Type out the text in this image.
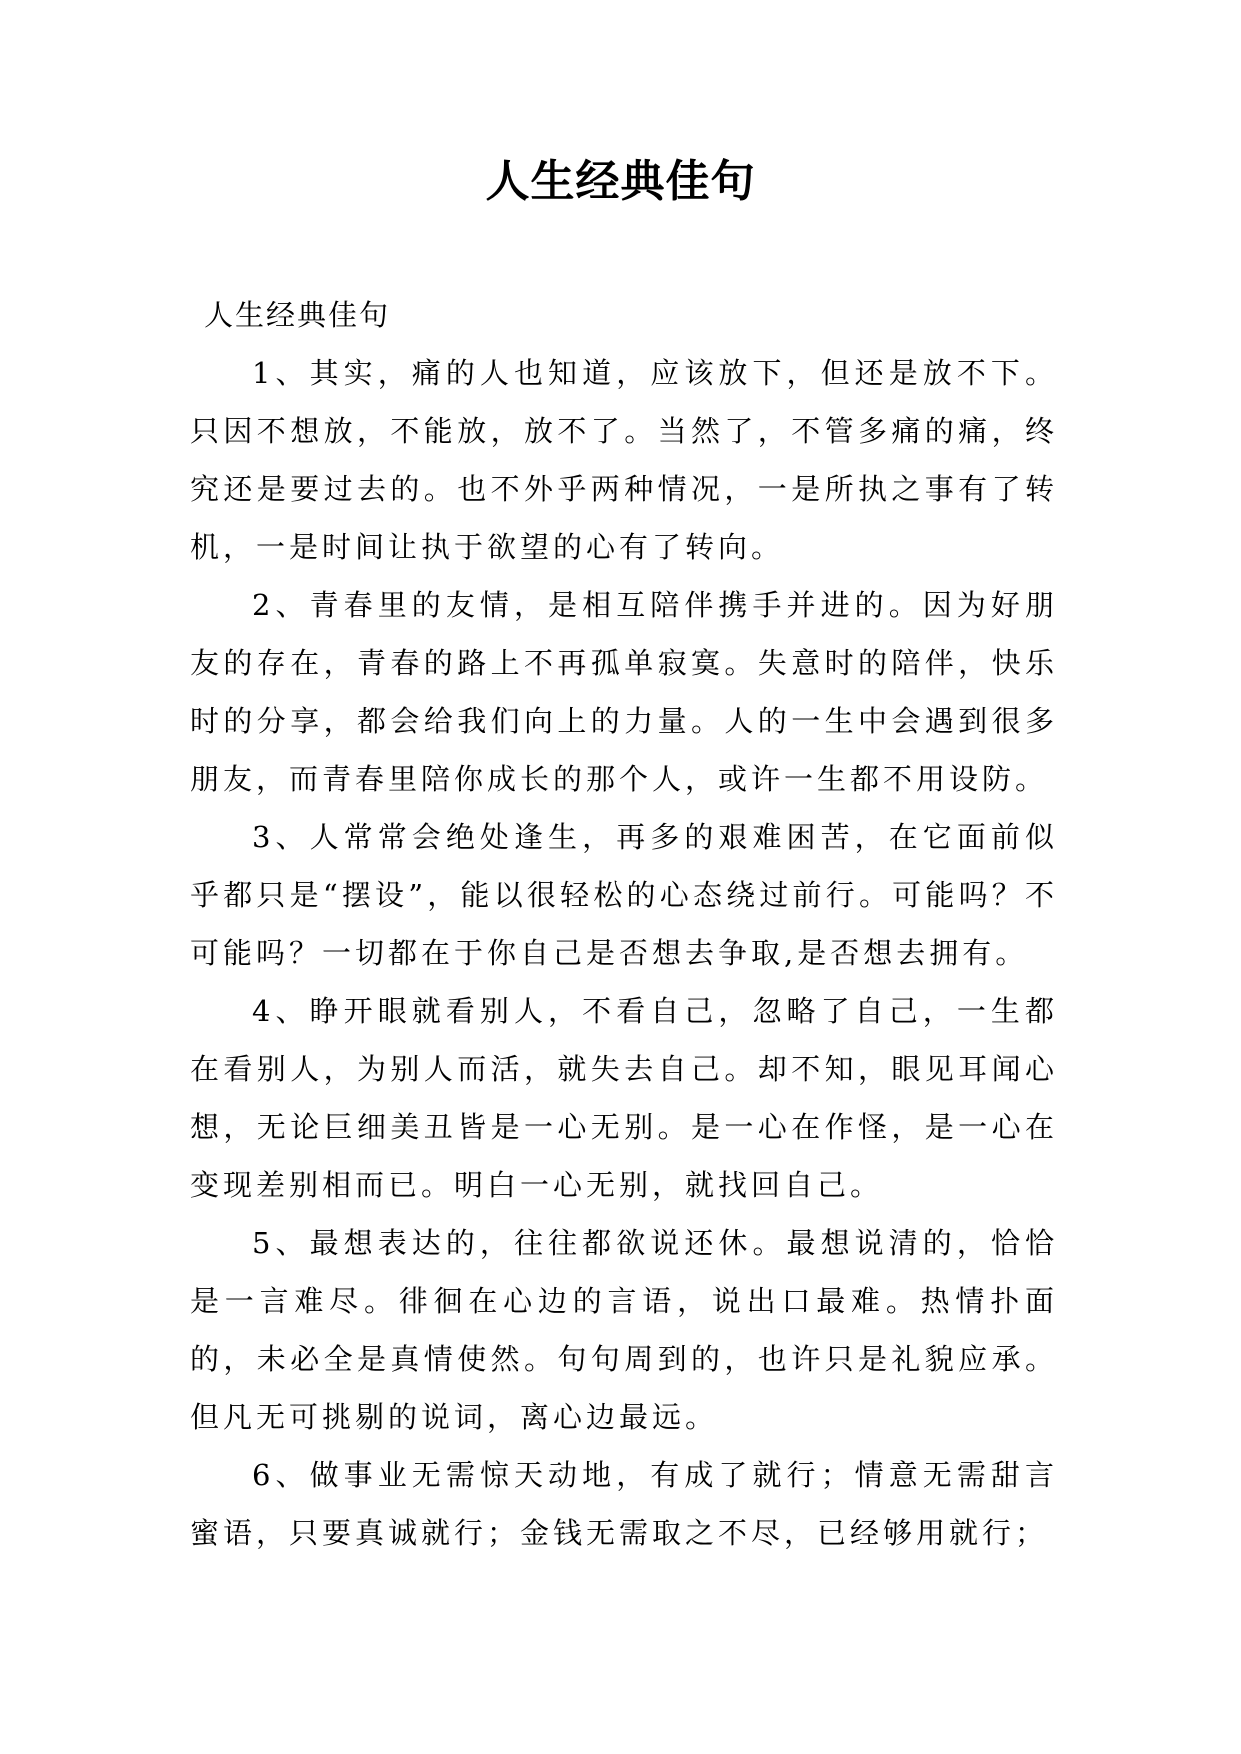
人生经典佳句

人生经典佳句

1、其实，痛的人也知道，应该放下，但还是放不下。只因不想放，不能放，放不了。当然了，不管多痛的痛，终究还是要过去的。也不外乎两种情况，一是所执之事有了转机，一是时间让执于欲望的心有了转向。

2、青春里的友情，是相互陪伴携手并进的。因为好朋友的存在，青春的路上不再孤单寂寞。失意时的陪伴，快乐时的分享，都会给我们向上的力量。人的一生中会遇到很多朋友，而青春里陪你成长的那个人，或许一生都不用设防。

3、人常常会绝处逢生，再多的艰难困苦，在它面前似乎都只是“摆设”，能以很轻松的心态绕过前行。可能吗？不可能吗？一切都在于你自己是否想去争取,是否想去拥有。

4、睁开眼就看别人，不看自己，忽略了自己，一生都在看别人，为别人而活，就失去自己。却不知，眼见耳闻心想，无论巨细美丑皆是一心无别。是一心在作怪，是一心在变现差别相而已。明白一心无别，就找回自己。

5、最想表达的，往往都欲说还休。最想说清的，恰恰是一言难尽。徘徊在心边的言语，说出口最难。热情扑面的，未必全是真情使然。句句周到的，也许只是礼貌应承。但凡无可挑剔的说词，离心边最远。

6、做事业无需惊天动地，有成了就行；情意无需甜言蜜语，只要真诚就行；金钱无需取之不尽，已经够用就行；
